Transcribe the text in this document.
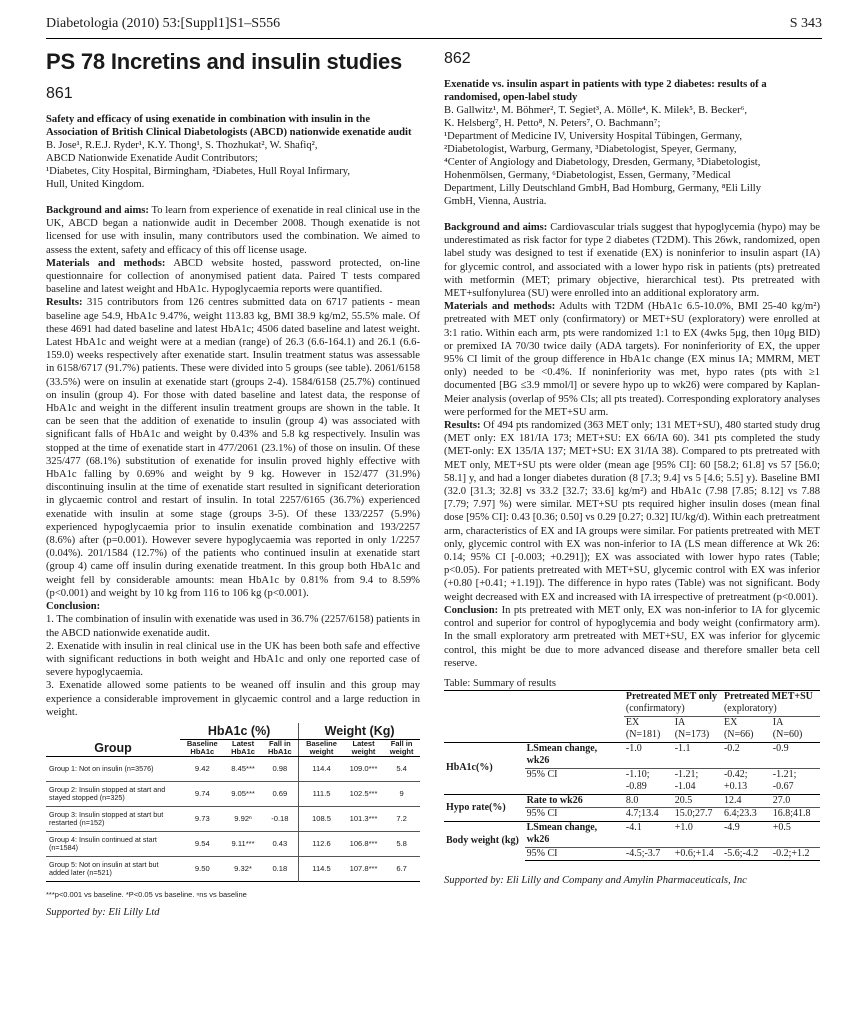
Diabetologia (2010) 53:[Suppl1]S1–S556	S 343
PS 78 Incretins and insulin studies
861
Safety and efficacy of using exenatide in combination with insulin in the Association of British Clinical Diabetologists (ABCD) nationwide exenatide audit
B. Jose¹, R.E.J. Ryder¹, K.Y. Thong¹, S. Thozhukat², W. Shafiq²,
ABCD Nationwide Exenatide Audit Contributors;
¹Diabetes, City Hospital, Birmingham, ²Diabetes, Hull Royal Infirmary,
Hull, United Kingdom.

Background and aims: To learn from experience of exenatide in real clinical use in the UK, ABCD began a nationwide audit in December 2008. Though exenatide is not licensed for use with insulin, many contributors used the combination. We aimed to assess the extent, safety and efficacy of this off license usage.

Materials and methods: ABCD website hosted, password protected, on-line questionnaire for collection of anonymised patient data. Paired T tests compared baseline and latest weight and HbA1c. Hypoglycaemia reports were quantified.

Results: 315 contributors from 126 centres submitted data on 6717 patients - mean baseline age 54.9, HbA1c 9.47%, weight 113.83 kg, BMI 38.9 kg/m2, 55.5% male. Of these 4691 had dated baseline and latest HbA1c; 4506 dated baseline and latest weight. Latest HbA1c and weight were at a median (range) of 26.3 (6.6-164.1) and 26.1 (6.6-159.0) weeks respectively after exenatide start. Insulin treatment status was assessable in 6158/6717 (91.7%) patients. These were divided into 5 groups (see table). 2061/6158 (33.5%) were on insulin at exenatide start (groups 2-4). 1584/6158 (25.7%) continued on insulin (group 4). For those with dated baseline and latest data, the response of HbA1c and weight in the different insulin treatment groups are shown in the table. It can be seen that the addition of exenatide to insulin (group 4) was associated with significant falls of HbA1c and weight by 0.43% and 5.8 kg respectively. Insulin was stopped at the time of exenatide start in 477/2061 (23.1%) of those on insulin. Of these 325/477 (68.1%) substitution of exenatide for insulin proved highly effective with HbA1c falling by 0.69% and weight by 9 kg. However in 152/477 (31.9%) discontinuing insulin at the time of exenatide start resulted in significant deterioration in glycaemic control and restart of insulin. In total 2257/6165 (36.7%) experienced exenatide with insulin at some stage (groups 3-5). Of these 133/2257 (5.9%) experienced hypoglycaemia prior to insulin exenatide combination and 193/2257 (8.6%) after (p=0.001). However severe hypoglycaemia was reported in only 1/2257 (0.04%). 201/1584 (12.7%) of the patients who continued insulin at exenatide start (group 4) came off insulin during exenatide treatment. In this group both HbA1c and weight fell by considerable amounts: mean HbA1c by 0.81% from 9.4 to 8.59% (p<0.001) and weight by 10 kg from 116 to 106 kg (p<0.001).

Conclusion:

1. The combination of insulin with exenatide was used in 36.7% (2257/6158) patients in the ABCD nationwide exenatide audit.

2. Exenatide with insulin in real clinical use in the UK has been both safe and effective with significant reductions in both weight and HbA1c and only one reported case of severe hypoglycaemia.

3. Exenatide allowed some patients to be weaned off insulin and this group may experience a considerable improvement in glycaemic control and a large reduction in weight.

	HbA1c (%)			Weight (Kg)		
Group	Baseline HbA1c	Latest HbA1c	Fall in HbA1c	Baseline weight	Latest weight	Fall in weight
Group 1: Not on insulin (n=3576)	9.42	8.45***	0.98	114.4	109.0***	5.4
Group 2: Insulin stopped at start and stayed stopped (n=325)	9.74	9.05***	0.69	111.5	102.5***	9
Group 3: Insulin stopped at start but restarted (n=152)	9.73	9.92ⁿ	-0.18	108.5	101.3***	7.2
Group 4: Insulin continued at start (n=1584)	9.54	9.11***	0.43	112.6	106.8***	5.8
Group 5: Not on insulin at start but added later (n=521)	9.50	9.32*	0.18	114.5	107.8***	6.7
***p<0.001 vs baseline. *P<0.05 vs baseline. ⁿns vs baseline
Supported by: Eli Lilly Ltd
862
Exenatide vs. insulin aspart in patients with type 2 diabetes: results of a randomised, open-label study
B. Gallwitz¹, M. Böhmer², T. Segiet³, A. Mölle⁴, K. Milek⁵, B. Becker⁶,
K. Helsberg⁷, H. Petto⁸, N. Peters⁷, O. Bachmann⁷;
¹Department of Medicine IV, University Hospital Tübingen, Germany,
²Diabetologist, Warburg, Germany, ³Diabetologist, Speyer, Germany,
⁴Center of Angiology and Diabetology, Dresden, Germany, ⁵Diabetologist,
Hohenmölsen, Germany, ⁶Diabetologist, Essen, Germany, ⁷Medical
Department, Lilly Deutschland GmbH, Bad Homburg, Germany, ⁸Eli Lilly
GmbH, Vienna, Austria.

Background and aims: Cardiovascular trials suggest that hypoglycemia (hypo) may be underestimated as risk factor for type 2 diabetes (T2DM). This 26wk, randomized, open label study was designed to test if exenatide (EX) is noninferior to insulin aspart (IA) for glycemic control, and associated with a lower hypo risk in patients (pts) pretreated with metformin (MET; primary objective, hierarchical test). Pts pretreated with MET+sulfonylurea (SU) were enrolled into an additional exploratory arm.

Materials and methods: Adults with T2DM (HbA1c 6.5-10.0%, BMI 25-40 kg/m²) pretreated with MET only (confirmatory) or MET+SU (exploratory) were enrolled at 3:1 ratio. Within each arm, pts were randomized 1:1 to EX (4wks 5μg, then 10μg BID) or premixed IA 70/30 twice daily (ADA targets). For noninferiority of EX, the upper 95% CI limit of the group difference in HbA1c change (EX minus IA; MMRM, MET only) needed to be <0.4%. If noninferiority was met, hypo rates (pts with ≥1 documented [BG ≤3.9 mmol/l] or severe hypo up to wk26) were compared by Kaplan-Meier analysis (overlap of 95% CIs; all pts treated). Corresponding exploratory analyses were performed for the MET+SU arm.

Results: Of 494 pts randomized (363 MET only; 131 MET+SU), 480 started study drug (MET only: EX 181/IA 173; MET+SU: EX 66/IA 60). 341 pts completed the study (MET-only: EX 135/IA 137; MET+SU: EX 31/IA 38). Compared to pts pretreated with MET only, MET+SU pts were older (mean age [95% CI]: 60 [58.2; 61.8] vs 57 [56.0; 58.1] y, and had a longer diabetes duration (8 [7.3; 9.4] vs 5 [4.6; 5.5] y). Baseline BMI (32.0 [31.3; 32.8] vs 33.2 [32.7; 33.6] kg/m²) and HbA1c (7.98 [7.85; 8.12] vs 7.88 [7.79; 7.97] %) were similar. MET+SU pts required higher insulin doses (mean final dose [95% CI]: 0.43 [0.36; 0.50] vs 0.29 [0.27; 0.32] IU/kg/d). Within each pretreatment arm, characteristics of EX and IA groups were similar. For patients pretreated with MET only, glycemic control with EX was non-inferior to IA (LS mean difference at Wk 26: 0.14; 95% CI [-0.003; +0.291]); EX was associated with lower hypo rates (Table; p<0.05). For patients pretreated with MET+SU, glycemic control with EX was inferior (+0.80 [+0.41; +1.19]). The difference in hypo rates (Table) was not significant. Body weight decreased with EX and increased with IA irrespective of pretreatment (p<0.001).

Conclusion: In pts pretreated with MET only, EX was non-inferior to IA for glycemic control and superior for control of hypoglycemia and body weight (confirmatory arm). In the small exploratory arm pretreated with MET+SU, EX was inferior for glycemic control, this might be due to more advanced disease and therefore smaller beta cell reserve.

Table: Summary of results
		Pretreated MET only		Pretreated MET+SU	
		(confirmatory)		(exploratory)	
		EX	IA	EX	IA
		(N=181)	(N=173)	(N=66)	(N=60)
HbA1c(%)	LSmean change, wk26	-1.0	-1.1	-0.2	-0.9
	95% CI	-1.10; -0.89	-1.21; -1.04	-0.42; +0.13	-1.21; -0.67
Hypo rate(%)	Rate to wk26	8.0	20.5	12.4	27.0
	95% CI	4.7;13.4	15.0;27.7	6.4;23.3	16.8;41.8
Body weight (kg)	LSmean change, wk26	-4.1	+1.0	-4.9	+0.5
	95% CI	-4.5;-3.7	+0.6;+1.4	-5.6;-4.2	-0.2;+1.2
Supported by: Eli Lilly and Company and Amylin Pharmaceuticals, Inc
